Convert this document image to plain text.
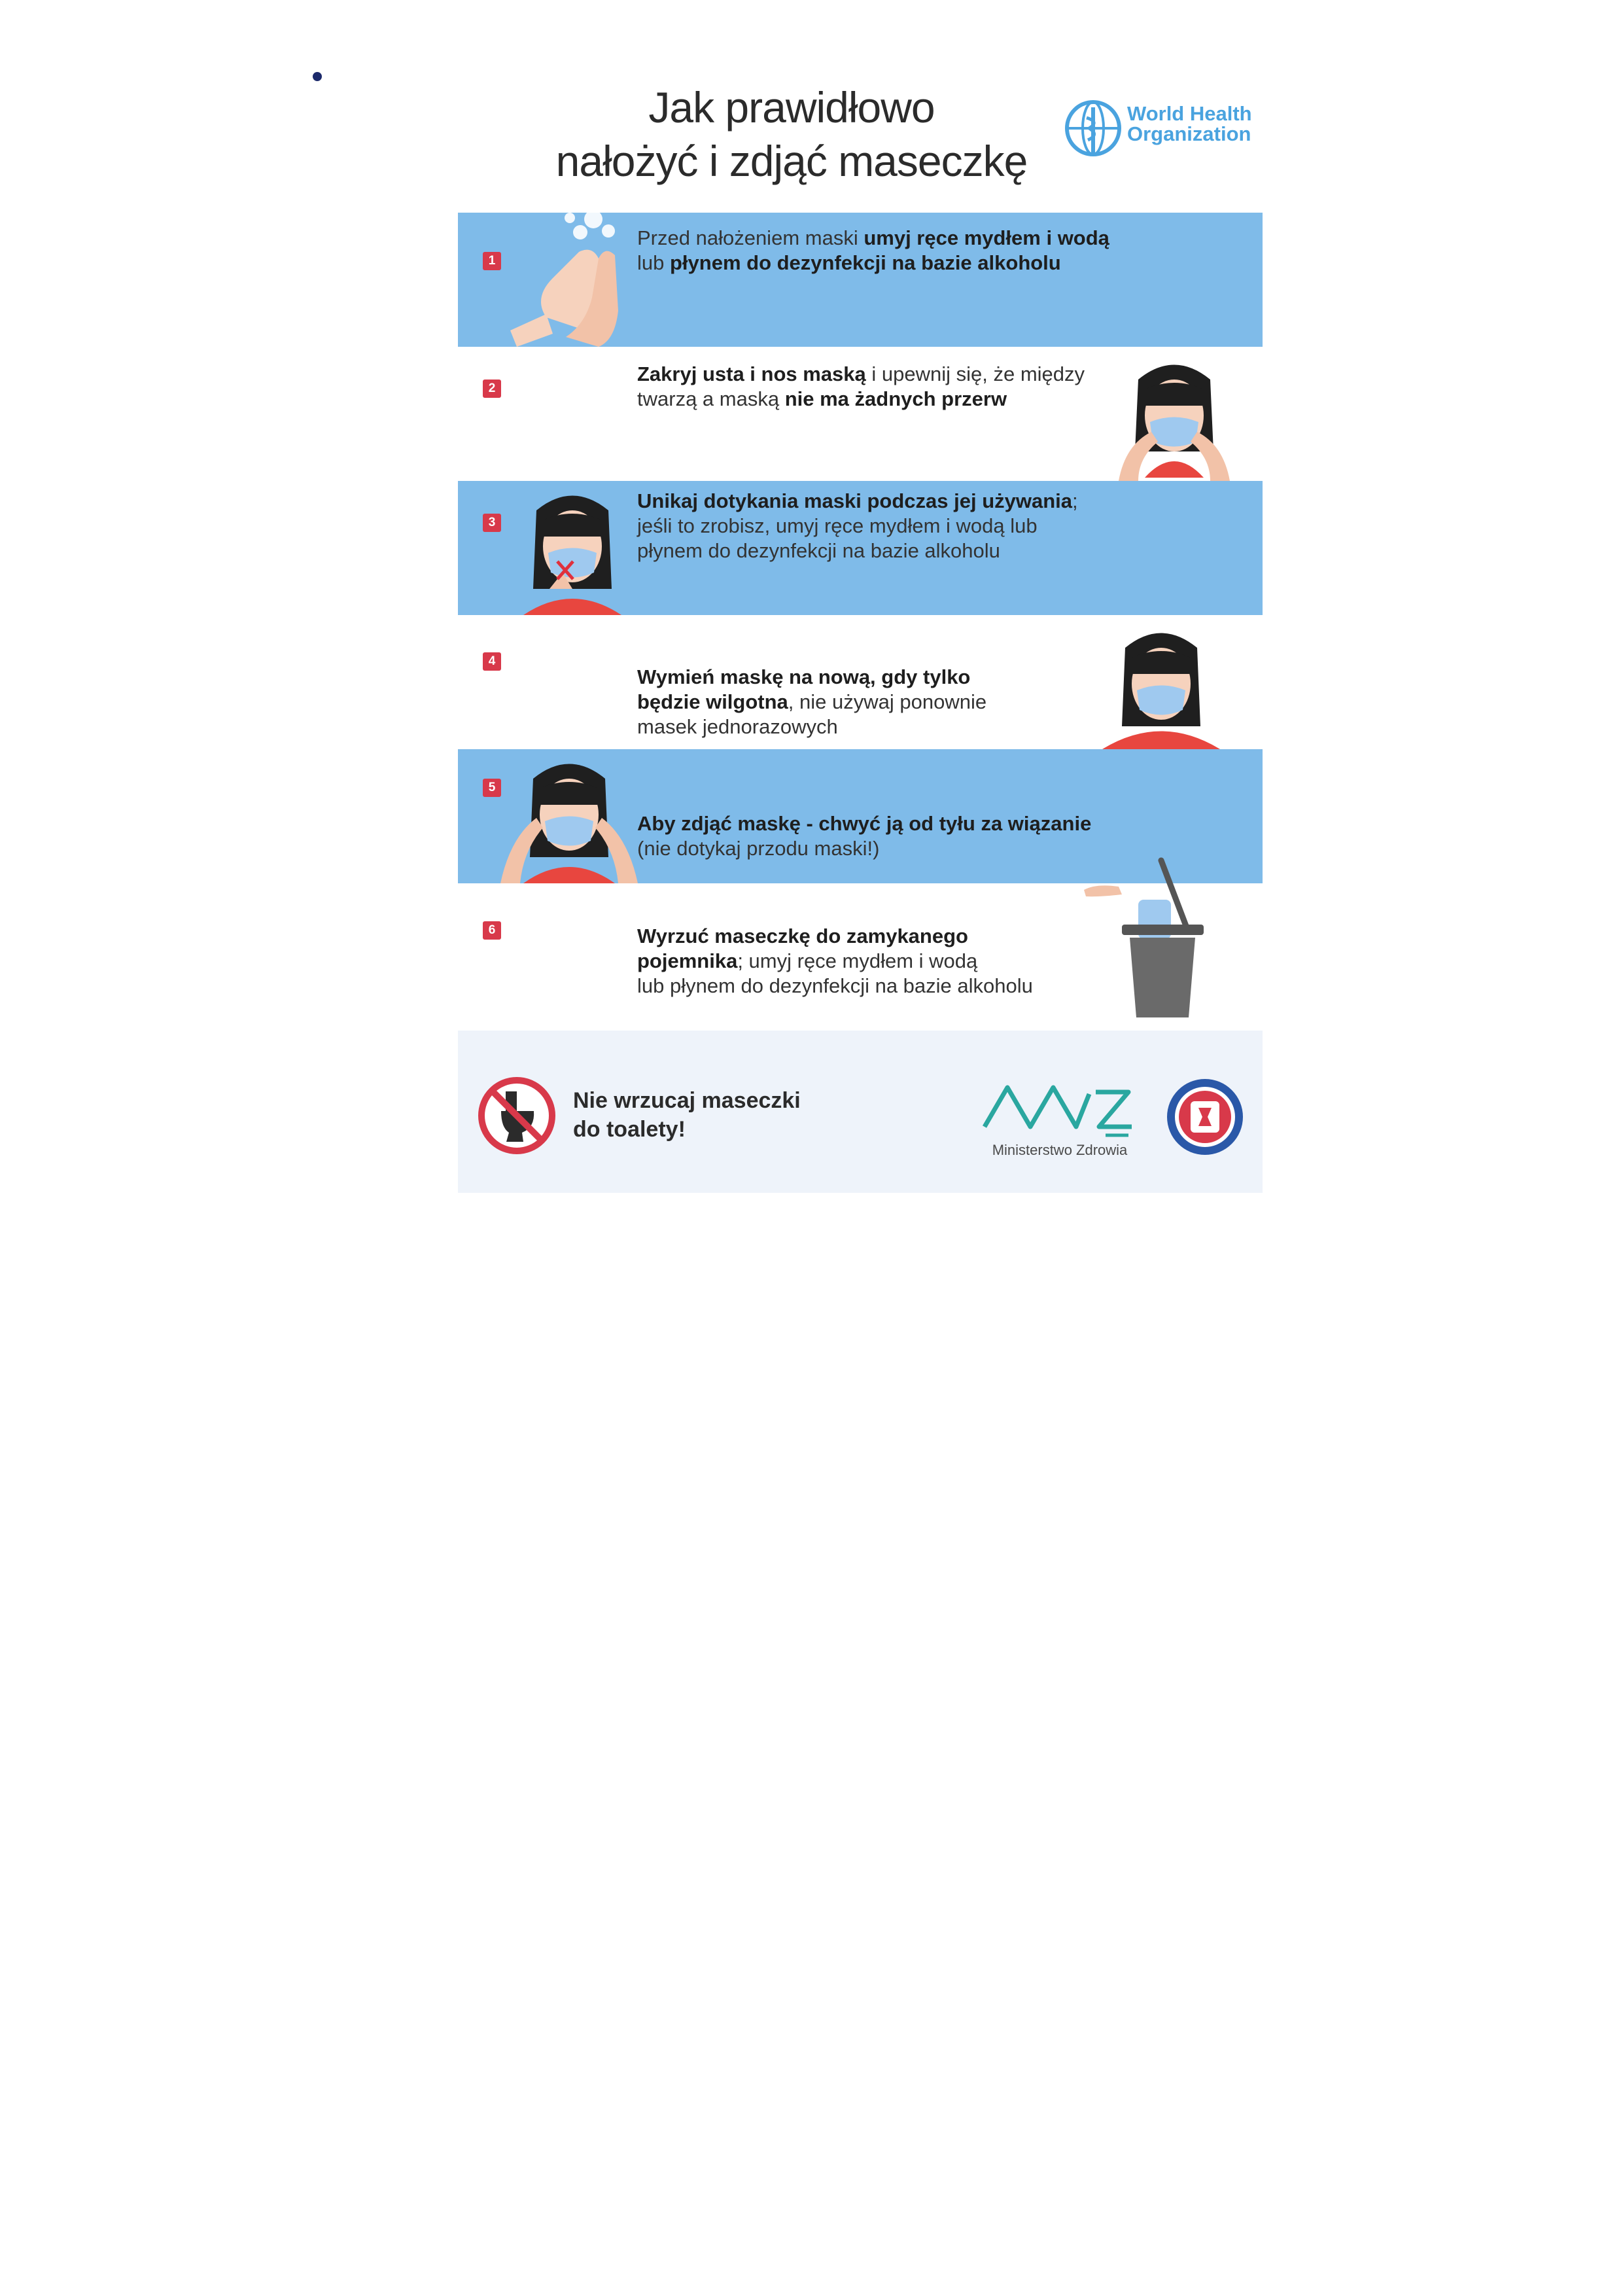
Jak prawidłowo
nałożyć i zdjąć maseczkę
World Health
Organization
1
Przed nałożeniem maski umyj ręce mydłem i wodą
lub płynem do dezynfekcji na bazie alkoholu
2
Zakryj usta i nos maską i upewnij się, że między
twarzą a maską nie ma żadnych przerw
3
Unikaj dotykania maski podczas jej używania;
jeśli to zrobisz, umyj ręce mydłem i wodą lub
płynem do dezynfekcji na bazie alkoholu
4
Wymień maskę na nową, gdy tylko
będzie wilgotna, nie używaj ponownie
masek jednorazowych
5
Aby zdjąć maskę - chwyć ją od tyłu za wiązanie
(nie dotykaj przodu maski!)
6	Wyrzuć maseczkę do zamykanego
pojemnika; umyj ręce mydłem i wodą
lub płynem do dezynfekcji na bazie alkoholu
Nie wrzucaj maseczki
do toalety!
Ministerstwo Zdrowia
